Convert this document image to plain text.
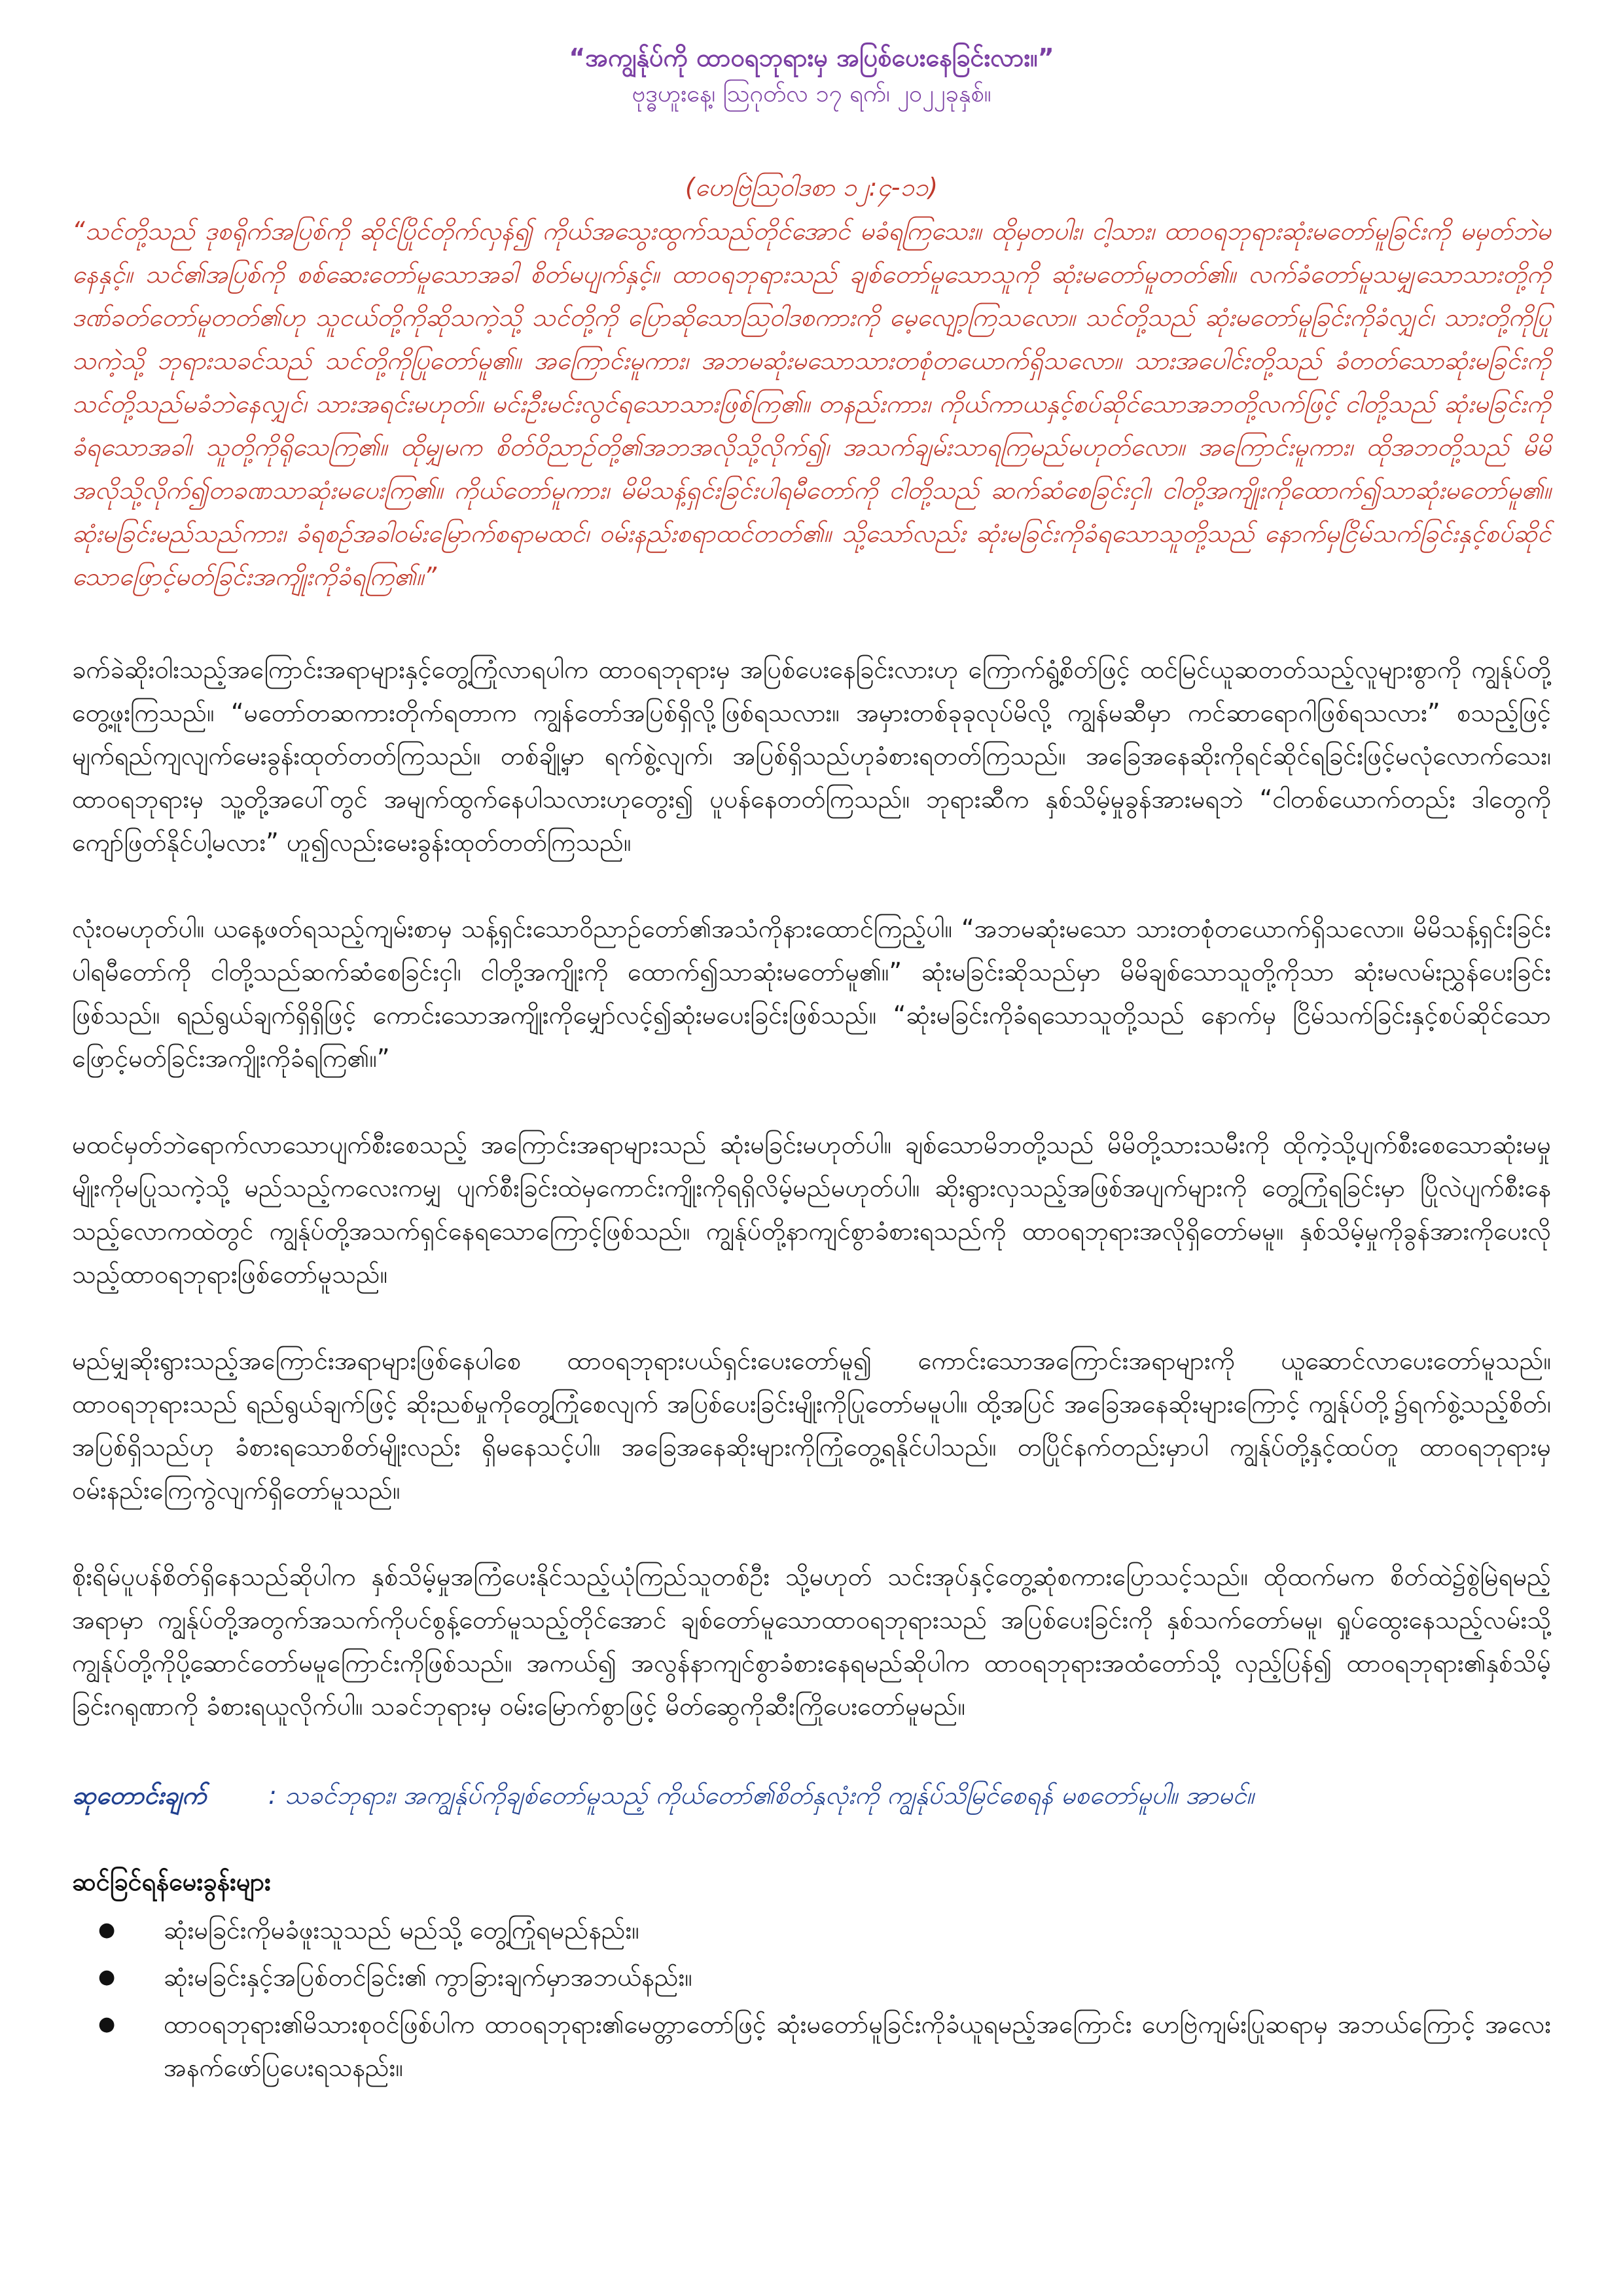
“အကျွန်ုပ်ကို ထာဝရဘုရားမှ အပြစ်ပေးနေခြင်းလား။”

ဗုဒ္ဓဟူးနေ့၊ ဩဂုတ်လ ၁၇ ရက်၊ ၂၀၂၂ခုနှစ်။

(ဟေဗြဲဩဝါဒစာ ၁၂:၄-၁၁)

“သင်တို့သည် ဒုစရိုက်အပြစ်ကို ဆိုင်ပြိုင်တိုက်လှန်၍ ကိုယ်အသွေးထွက်သည်တိုင်အောင် မခံရကြသေး။ ထိုမှတပါး၊ ငါ့သား၊ ထာဝရဘုရားဆုံးမတော်မူခြင်းကို မမှတ်ဘဲမနေနှင့်။ သင်၏အပြစ်ကို စစ်ဆေးတော်မူသောအခါ စိတ်မပျက်နှင့်။ ထာဝရဘုရားသည် ချစ်တော်မူသောသူကို ဆုံးမတော်မူတတ်၏။ လက်ခံတော်မူသမျှသောသားတို့ကို ဒဏ်ခတ်တော်မူတတ်၏ဟု သူငယ်တို့ကိုဆိုသကဲ့သို့ သင်တို့ကို ပြောဆိုသောဩဝါဒစကားကို မေ့လျော့ကြသလော။ သင်တို့သည် ဆုံးမတော်မူခြင်းကိုခံလျှင်၊ သားတို့ကိုပြုသကဲ့သို့ ဘုရားသခင်သည် သင်တို့ကိုပြုတော်မူ၏။ အကြောင်းမူကား၊ အဘမဆုံးမသောသားတစုံတယောက်ရှိသလော။ သားအပေါင်းတို့သည် ခံတတ်သောဆုံးမခြင်းကို သင်တို့သည်မခံဘဲနေလျှင်၊ သားအရင်းမဟုတ်။ မင်းဦးမင်းလွင်ရသောသားဖြစ်ကြ၏။ တနည်းကား၊ ကိုယ်ကာယနှင့်စပ်ဆိုင်သောအဘတို့လက်ဖြင့် ငါတို့သည် ဆုံးမခြင်းကိုခံရသောအခါ၊ သူတို့ကိုရိုသေကြ၏။ ထိုမျှမက စိတ်ဝိညာဉ်တို့၏အဘအလိုသို့လိုက်၍၊ အသက်ချမ်းသာရကြမည်မဟုတ်လော။ အကြောင်းမူကား၊ ထိုအဘတို့သည် မိမိအလိုသို့လိုက်၍တခဏသာဆုံးမပေးကြ၏။ ကိုယ်တော်မူကား၊ မိမိသန့်ရှင်းခြင်းပါရမီတော်ကို ငါတို့သည် ဆက်ဆံစေခြင်းငှါ၊ ငါတို့အကျိုးကိုထောက်၍သာဆုံးမတော်မူ၏။ ဆုံးမခြင်းမည်သည်ကား၊ ခံရစဉ်အခါဝမ်းမြောက်စရာမထင်၊ ဝမ်းနည်းစရာထင်တတ်၏။ သို့သော်လည်း ဆုံးမခြင်းကိုခံရသောသူတို့သည် နောက်မှငြိမ်သက်ခြင်းနှင့်စပ်ဆိုင်သောဖြောင့်မတ်ခြင်းအကျိုးကိုခံရကြ၏။”

ခက်ခဲဆိုးဝါးသည့်အကြောင်းအရာများနှင့်တွေ့ကြုံလာရပါက ထာဝရဘုရားမှ အပြစ်ပေးနေခြင်းလားဟု ကြောက်ရွံ့စိတ်ဖြင့် ထင်မြင်ယူဆတတ်သည့်လူများစွာကို ကျွန်ုပ်တို့တွေ့ဖူးကြသည်။ “မတော်တဆကားတိုက်ရတာက ကျွန်တော်အပြစ်ရှိလို့ဖြစ်ရသလား။ အမှားတစ်ခုခုလုပ်မိလို့ ကျွန်မဆီမှာ ကင်ဆာရောဂါဖြစ်ရသလား” စသည့်ဖြင့် မျက်ရည်ကျလျက်မေးခွန်းထုတ်တတ်ကြသည်။ တစ်ချို့မှာ ရက်စွဲ့လျက်၊ အပြစ်ရှိသည်ဟုခံစားရတတ်ကြသည်။ အခြေအနေဆိုးကိုရင်ဆိုင်ရခြင်းဖြင့်မလုံလောက်သေး၊ ထာဝရဘုရားမှ သူ့တို့အပေါ်တွင် အမျက်ထွက်နေပါသလားဟုတွေး၍ ပူပန်နေတတ်ကြသည်။ ဘုရားဆီက နှစ်သိမ့်မှုခွန်အားမရဘဲ “ငါတစ်ယောက်တည်း ဒါတွေကို ကျော်ဖြတ်နိုင်ပါ့မလား” ဟူ၍လည်းမေးခွန်းထုတ်တတ်ကြသည်။

လုံးဝမဟုတ်ပါ။ ယနေ့ဖတ်ရသည့်ကျမ်းစာမှ သန့်ရှင်းသောဝိညာဉ်တော်၏အသံကိုနားထောင်ကြည့်ပါ။ “အဘမဆုံးမသော သားတစုံတယောက်ရှိသလော။ မိမိသန့်ရှင်းခြင်းပါရမီတော်ကို ငါတို့သည်ဆက်ဆံစေခြင်းငှါ၊ ငါတို့အကျိုးကို ထောက်၍သာဆုံးမတော်မူ၏။” ဆုံးမခြင်းဆိုသည်မှာ မိမိချစ်သောသူတို့ကိုသာ ဆုံးမလမ်းညွှန်ပေးခြင်းဖြစ်သည်။ ရည်ရွယ်ချက်ရှိရှိဖြင့် ကောင်းသောအကျိုးကိုမျှော်လင့်၍ဆုံးမပေးခြင်းဖြစ်သည်။ “ဆုံးမခြင်းကိုခံရသောသူတို့သည် နောက်မှ ငြိမ်သက်ခြင်းနှင့်စပ်ဆိုင်သော ဖြောင့်မတ်ခြင်းအကျိုးကိုခံရကြ၏။”

မထင်မှတ်ဘဲရောက်လာသောပျက်စီးစေသည့် အကြောင်းအရာများသည် ဆုံးမခြင်းမဟုတ်ပါ။ ချစ်သောမိဘတို့သည် မိမိတို့သားသမီးကို ထိုကဲ့သို့ပျက်စီးစေသောဆုံးမမှုမျိုးကိုမပြုသကဲ့သို့ မည်သည့်ကလေးကမျှ ပျက်စီးခြင်းထဲမှကောင်းကျိုးကိုရရှိလိမ့်မည်မဟုတ်ပါ။ ဆိုးရွားလှသည့်အဖြစ်အပျက်များကို တွေ့ကြုံရခြင်းမှာ ပြိုလဲပျက်စီးနေသည့်လောကထဲတွင် ကျွန်ုပ်တို့အသက်ရှင်နေရသောကြောင့်ဖြစ်သည်။ ကျွန်ုပ်တို့နာကျင်စွာခံစားရသည်ကို ထာဝရဘုရားအလိုရှိတော်မမူ။ နှစ်သိမ့်မှုကိုခွန်အားကိုပေးလိုသည့်ထာဝရဘုရားဖြစ်တော်မူသည်။

မည်မျှဆိုးရွားသည့်အကြောင်းအရာများဖြစ်နေပါစေ ထာဝရဘုရားပယ်ရှင်းပေးတော်မူ၍ ကောင်းသောအကြောင်းအရာများကို ယူဆောင်လာပေးတော်မူသည်။ ထာဝရဘုရားသည် ရည်ရွယ်ချက်ဖြင့် ဆိုးညစ်မှုကိုတွေ့ကြုံစေလျက် အပြစ်ပေးခြင်းမျိုးကိုပြုတော်မမူပါ။ ထို့အပြင် အခြေအနေဆိုးများကြောင့် ကျွန်ုပ်တို့၌ရက်စွဲ့သည့်စိတ်၊ အပြစ်ရှိသည်ဟု ခံစားရသောစိတ်မျိုးလည်း ရှိမနေသင့်ပါ။ အခြေအနေဆိုးများကိုကြုံတွေ့ရနိုင်ပါသည်။ တပြိုင်နက်တည်းမှာပါ ကျွန်ုပ်တို့နှင့်ထပ်တူ ထာဝရဘုရားမှ ဝမ်းနည်းကြေကွဲလျက်ရှိတော်မူသည်။

စိုးရိမ်ပူပန်စိတ်ရှိနေသည်ဆိုပါက နှစ်သိမ့်မှုအကြံပေးနိုင်သည့်ယုံကြည်သူတစ်ဦး သို့မဟုတ် သင်းအုပ်နှင့်တွေ့ဆုံစကားပြောသင့်သည်။ ထိုထက်မက စိတ်ထဲ၌စွဲမြဲရမည့်အရာမှာ ကျွန်ုပ်တို့အတွက်အသက်ကိုပင်စွန့်တော်မူသည့်တိုင်အောင် ချစ်တော်မူသောထာဝရဘုရားသည် အပြစ်ပေးခြင်းကို နှစ်သက်တော်မမူ၊ ရှုပ်ထွေးနေသည့်လမ်းသို့ ကျွန်ုပ်တို့ကိုပို့ဆောင်တော်မမူကြောင်းကိုဖြစ်သည်။ အကယ်၍ အလွန်နာကျင်စွာခံစားနေရမည်ဆိုပါက ထာဝရဘုရားအထံတော်သို့ လှည့်ပြန်၍ ထာဝရဘုရား၏နှစ်သိမ့်ခြင်းဂရုဏာကို ခံစားရယူလိုက်ပါ။ သခင်ဘုရားမှ ဝမ်းမြောက်စွာဖြင့် မိတ်ဆွေကိုဆီးကြိုပေးတော်မူမည်။

ဆုတောင်းချက်	: သခင်ဘုရား၊ အကျွန်ုပ်ကိုချစ်တော်မူသည့် ကိုယ်တော်၏စိတ်နှလုံးကို ကျွန်ုပ်သိမြင်စေရန် မစတော်မူပါ။ အာမင်။
ဆင်ခြင်ရန်မေးခွန်းများ
●	ဆုံးမခြင်းကိုမခံဖူးသူသည် မည်သို့ တွေ့ကြုံရမည်နည်း။
●	ဆုံးမခြင်းနှင့်အပြစ်တင်ခြင်း၏ ကွာခြားချက်မှာအဘယ်နည်း။
●	ထာဝရဘုရား၏မိသားစုဝင်ဖြစ်ပါက ထာဝရဘုရား၏မေတ္တာတော်ဖြင့် ဆုံးမတော်မူခြင်းကိုခံယူရမည့်အကြောင်း ဟေဗြဲကျမ်းပြုဆရာမှ အဘယ်ကြောင့် အလေးအနက်ဖော်ပြပေးရသနည်း။
